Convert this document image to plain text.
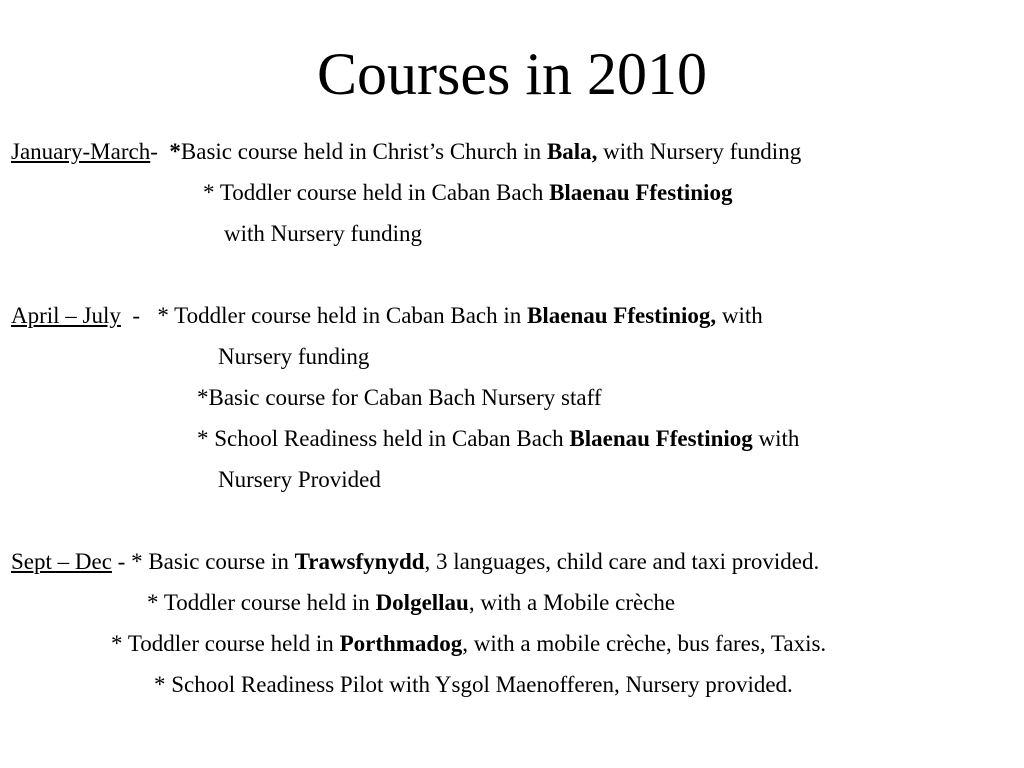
Courses in 2010
January-March-  *Basic course held in Christ’s Church in Bala, with Nursery funding
* Toddler course held in Caban Bach Blaenau Ffestiniog
with Nursery funding
April – July  -   * Toddler course held in Caban Bach in Blaenau Ffestiniog, with
Nursery funding
*Basic course for Caban Bach Nursery staff
* School Readiness held in Caban Bach Blaenau Ffestiniog with
Nursery Provided
Sept – Dec - * Basic course in Trawsfynydd, 3 languages, child care and taxi provided.
* Toddler course held in Dolgellau, with a Mobile crèche
* Toddler course held in Porthmadog, with a mobile crèche, bus fares, Taxis.
* School Readiness Pilot with Ysgol Maenofferen, Nursery provided.
